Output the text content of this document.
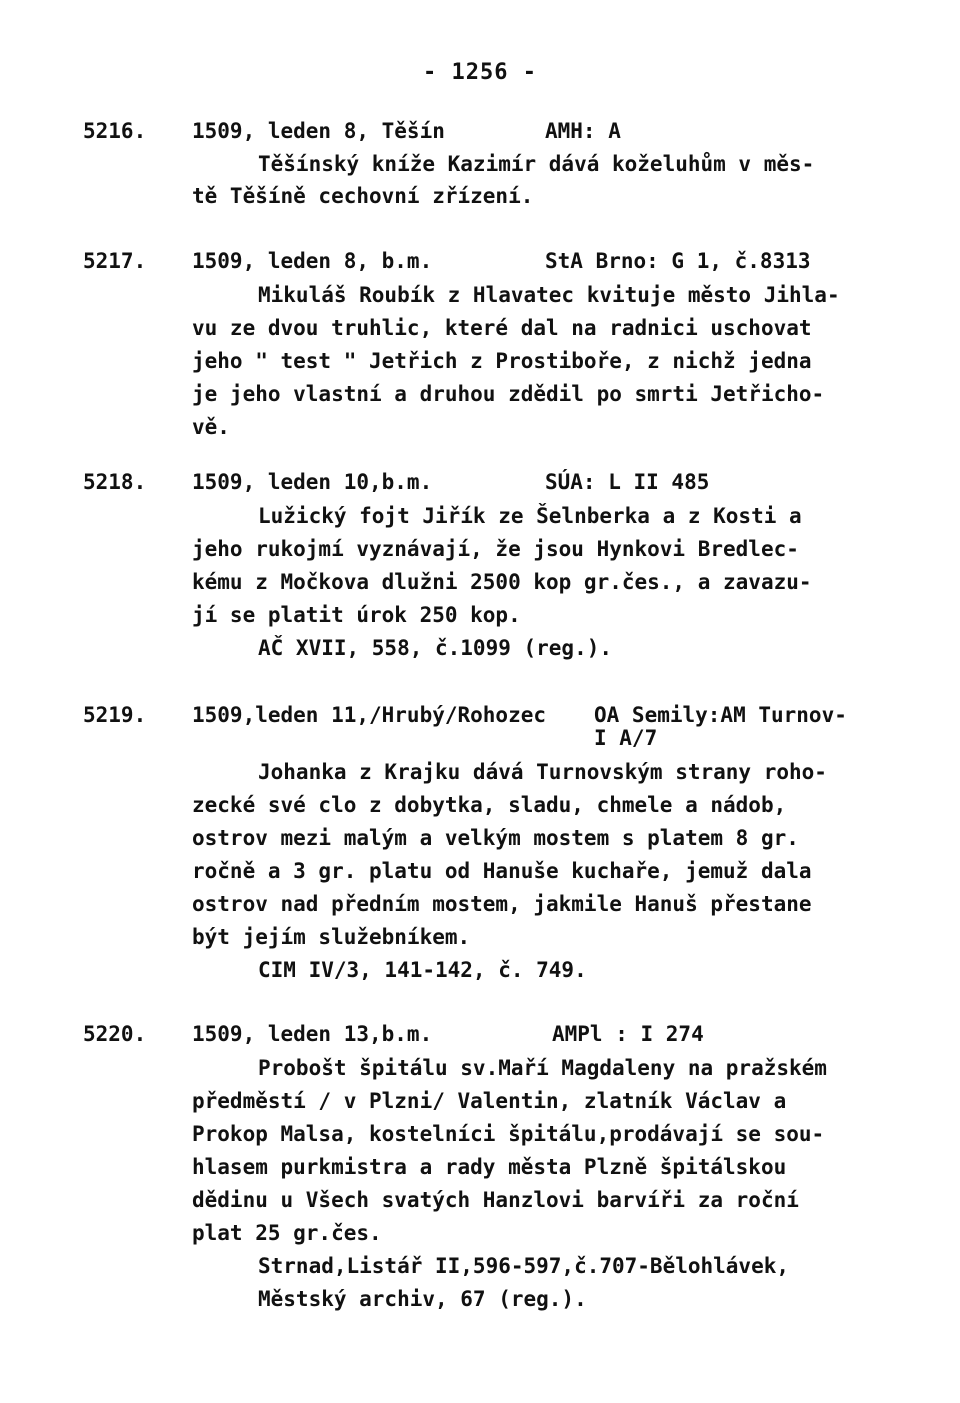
- 1256 -
5216. 1509, leden 8, Těšín	AMH: A
Těšínský kníže Kazimír dává koželuhům v měs-
tě Těšíně cechovní zřízení.
5217. 1509, leden 8, b.m.	StA Brno: G 1, č.8313
Mikuláš Roubík z Hlavatec kvituje město Jihla-
vu ze dvou truhlic, které dal na radnici uschovat
jeho " test " Jetřich z Prostiboře, z nichž jedna
je jeho vlastní a druhou zdědil po smrti Jetřicho-
vě.
5218. 1509, leden 10,b.m.	SÚA: L II 485
Lužický fojt Jiřík ze Šelnberka a z Kosti a
jeho rukojmí vyznávají, že jsou Hynkovi Bredlec-
kému z Močkova dlužni 2500 kop gr.čes., a zavazu-
jí se platit úrok 250 kop.
AČ XVII, 558, č.1099 (reg.).
5219. 1509,leden 11,/Hrubý/Rohozec OA Semily:AM Turnov-
I A/7
Johanka z Krajku dává Turnovským strany roho-
zecké své clo z dobytka, sladu, chmele a nádob,
ostrov mezi malým a velkým mostem s platem 8 gr.
ročně a 3 gr. platu od Hanuše kuchaře, jemuž dala
ostrov nad předním mostem, jakmile Hanuš přestane
být jejím služebníkem.
CIM IV/3, 141-142, č. 749.
5220. 1509, leden 13,b.m.	AMPl : I 274
Probošt špitálu sv.Maří Magdaleny na pražském
předměstí / v Plzni/ Valentin, zlatník Václav a
Prokop Malsa, kostelníci špitálu,prodávají se sou-
hlasem purkmistra a rady města Plzně špitálskou
dědinu u Všech svatých Hanzlovi barvíři za roční
plat 25 gr.čes.
Strnad,Listář II,596-597,č.707-Bělohlávek,
Městský archiv, 67 (reg.).
